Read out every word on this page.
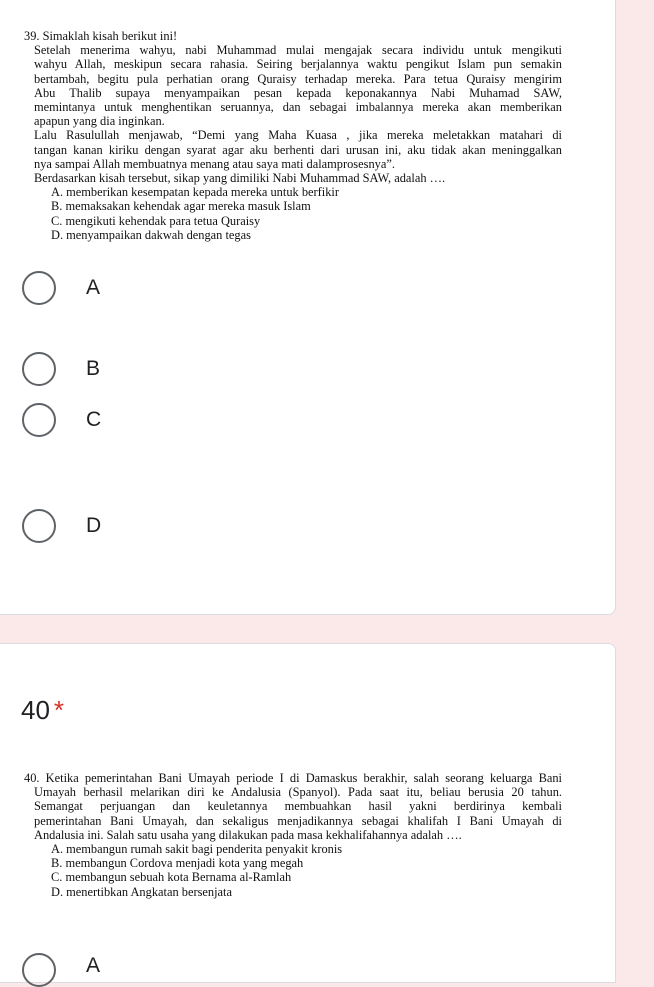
39. Simaklah kisah berikut ini!
Setelah menerima wahyu, nabi Muhammad mulai mengajak secara individu untuk mengikuti
wahyu Allah, meskipun secara rahasia. Seiring berjalannya waktu pengikut Islam pun semakin
bertambah, begitu pula perhatian orang Quraisy terhadap mereka. Para tetua Quraisy mengirim
Abu Thalib supaya menyampaikan pesan kepada keponakannya Nabi Muhamad SAW,
memintanya untuk menghentikan seruannya, dan sebagai imbalannya mereka akan memberikan
apapun yang dia inginkan.
Lalu Rasulullah menjawab, “Demi yang Maha Kuasa , jika mereka meletakkan matahari di
tangan kanan kiriku dengan syarat agar aku berhenti dari urusan ini, aku tidak akan meninggalkan
nya sampai Allah membuatnya menang atau saya mati dalamprosesnya”.
Berdasarkan kisah tersebut, sikap yang dimiliki Nabi Muhammad SAW, adalah ….
A. memberikan kesempatan kepada mereka untuk berfikir
B. memaksakan kehendak agar mereka masuk Islam
C. mengikuti kehendak para tetua Quraisy
D. menyampaikan dakwah dengan tegas
A
B
C
D
40 *
40. Ketika pemerintahan Bani Umayah periode I di Damaskus berakhir, salah seorang keluarga Bani
Umayah berhasil melarikan diri ke Andalusia (Spanyol). Pada saat itu, beliau berusia 20 tahun.
Semangat perjuangan dan keuletannya membuahkan hasil yakni berdirinya kembali
pemerintahan Bani Umayah, dan sekaligus menjadikannya sebagai khalifah I Bani Umayah di
Andalusia ini. Salah satu usaha yang dilakukan pada masa kekhalifahannya adalah ….
A. membangun rumah sakit bagi penderita penyakit kronis
B. membangun Cordova menjadi kota yang megah
C. membangun sebuah kota Bernama al-Ramlah
D. menertibkan Angkatan bersenjata
A
